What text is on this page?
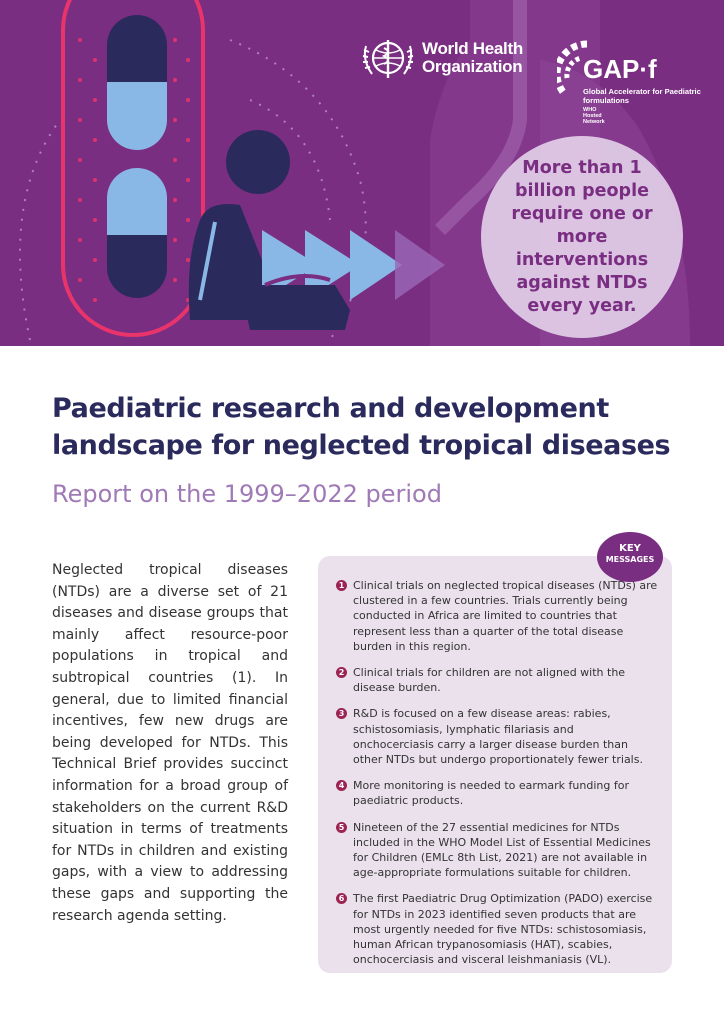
World Health
Organization GAP·f
Global Accelerator for Paediatric formulations
WHO Hosted Network
More than 1 billion people require one or more interventions against NTDs every year.
Paediatric research and development landscape for neglected tropical diseases
Report on the 1999–2022 period

Neglected tropical diseases (NTDs) are a diverse set of 21 diseases and disease groups that mainly affect resource-poor populations in tropical and subtropical countries (1). In general, due to limited financial incentives, few new drugs are being developed for NTDs. This Technical Brief provides succinct information for a broad group of stakeholders on the current R&D situation in terms of treatments for NTDs in children and existing gaps, with a view to addressing these gaps and supporting the research agenda setting.

KEY
MESSAGES
1 Clinical trials on neglected tropical diseases (NTDs) are clustered in a few countries. Trials currently being conducted in Africa are limited to countries that represent less than a quarter of the total disease burden in this region.
2 Clinical trials for children are not aligned with the disease burden.
3 R&D is focused on a few disease areas: rabies, schistosomiasis, lymphatic filariasis and onchocerciasis carry a larger disease burden than other NTDs but undergo proportionately fewer trials.
4 More monitoring is needed to earmark funding for paediatric products.
5 Nineteen of the 27 essential medicines for NTDs included in the WHO Model List of Essential Medicines for Children (EMLc 8th List, 2021) are not available in age-appropriate formulations suitable for children.
6 The first Paediatric Drug Optimization (PADO) exercise for NTDs in 2023 identified seven products that are most urgently needed for five NTDs: schistosomiasis, human African trypanosomiasis (HAT), scabies, onchocerciasis and visceral leishmaniasis (VL).
